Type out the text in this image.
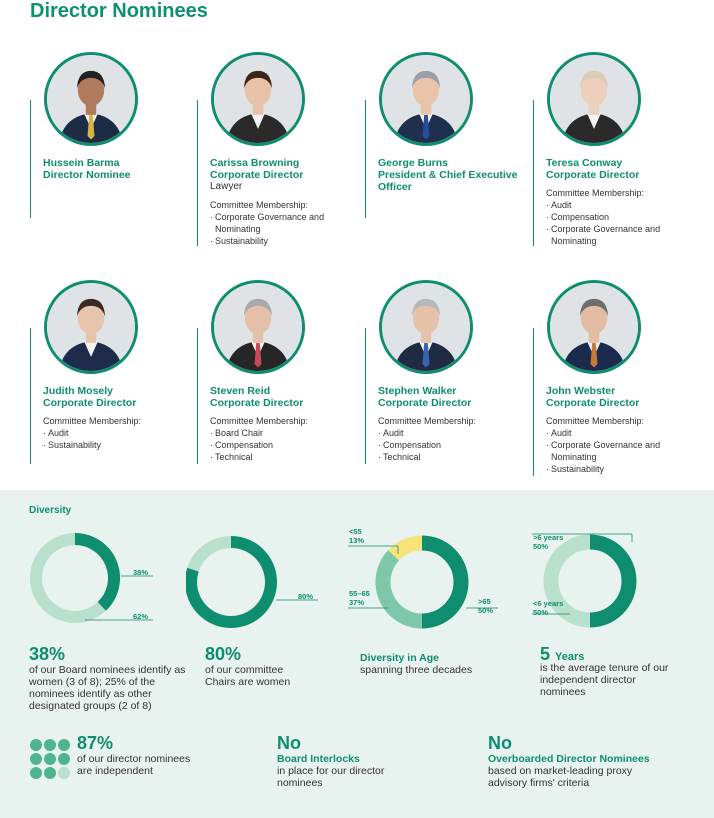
Director Nominees
Hussein Barma
Director Nominee
Carissa Browning
Corporate Director
Lawyer
Committee Membership:
· Corporate Governance and Nominating
· Sustainability
George Burns
President & Chief Executive Officer
Teresa Conway
Corporate Director
Committee Membership:
· Audit
· Compensation
· Corporate Governance and Nominating
Judith Mosely
Corporate Director
Committee Membership:
· Audit
· Sustainability
Steven Reid
Corporate Director
Committee Membership:
· Board Chair
· Compensation
· Technical
Stephen Walker
Corporate Director
Committee Membership:
· Audit
· Compensation
· Technical
John Webster
Corporate Director
Committee Membership:
· Audit
· Corporate Governance and Nominating
· Sustainability
Diversity
38%
62%
80%
<55 13%
55–65 37%	>65 50%
>6 years 50%
<6 years 50%
38%
of our Board nominees identify as women (3 of 8); 25% of the nominees identify as other designated groups (2 of 8)
80%
of our committee Chairs are women
Diversity in Age
spanning three decades
5 Years
is the average tenure of our independent director nominees
87%
of our director nominees are independent
No
Board Interlocks
in place for our director nominees
No
Overboarded Director Nominees
based on market-leading proxy advisory firms' criteria
